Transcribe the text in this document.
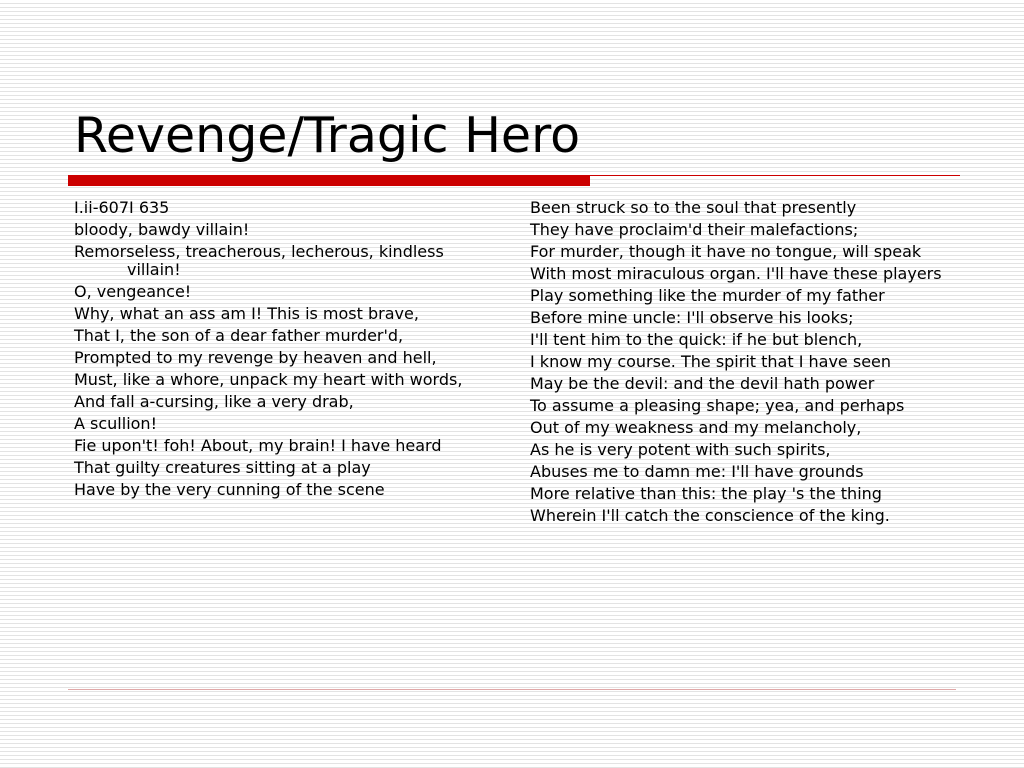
Revenge/Tragic Hero
I.ii-607I 635
bloody, bawdy villain!
Remorseless, treacherous, lecherous, kindless villain!
O, vengeance!
Why, what an ass am I! This is most brave,
That I, the son of a dear father murder'd,
Prompted to my revenge by heaven and hell,
Must, like a whore, unpack my heart with words,
And fall a-cursing, like a very drab,
A scullion!
Fie upon't! foh! About, my brain! I have heard
That guilty creatures sitting at a play
Have by the very cunning of the scene
Been struck so to the soul that presently
They have proclaim'd their malefactions;
For murder, though it have no tongue, will speak
With most miraculous organ. I'll have these players
Play something like the murder of my father
Before mine uncle: I'll observe his looks;
I'll tent him to the quick: if he but blench,
I know my course. The spirit that I have seen
May be the devil: and the devil hath power
To assume a pleasing shape; yea, and perhaps
Out of my weakness and my melancholy,
As he is very potent with such spirits,
Abuses me to damn me: I'll have grounds
More relative than this: the play 's the thing
Wherein I'll catch the conscience of the king.
